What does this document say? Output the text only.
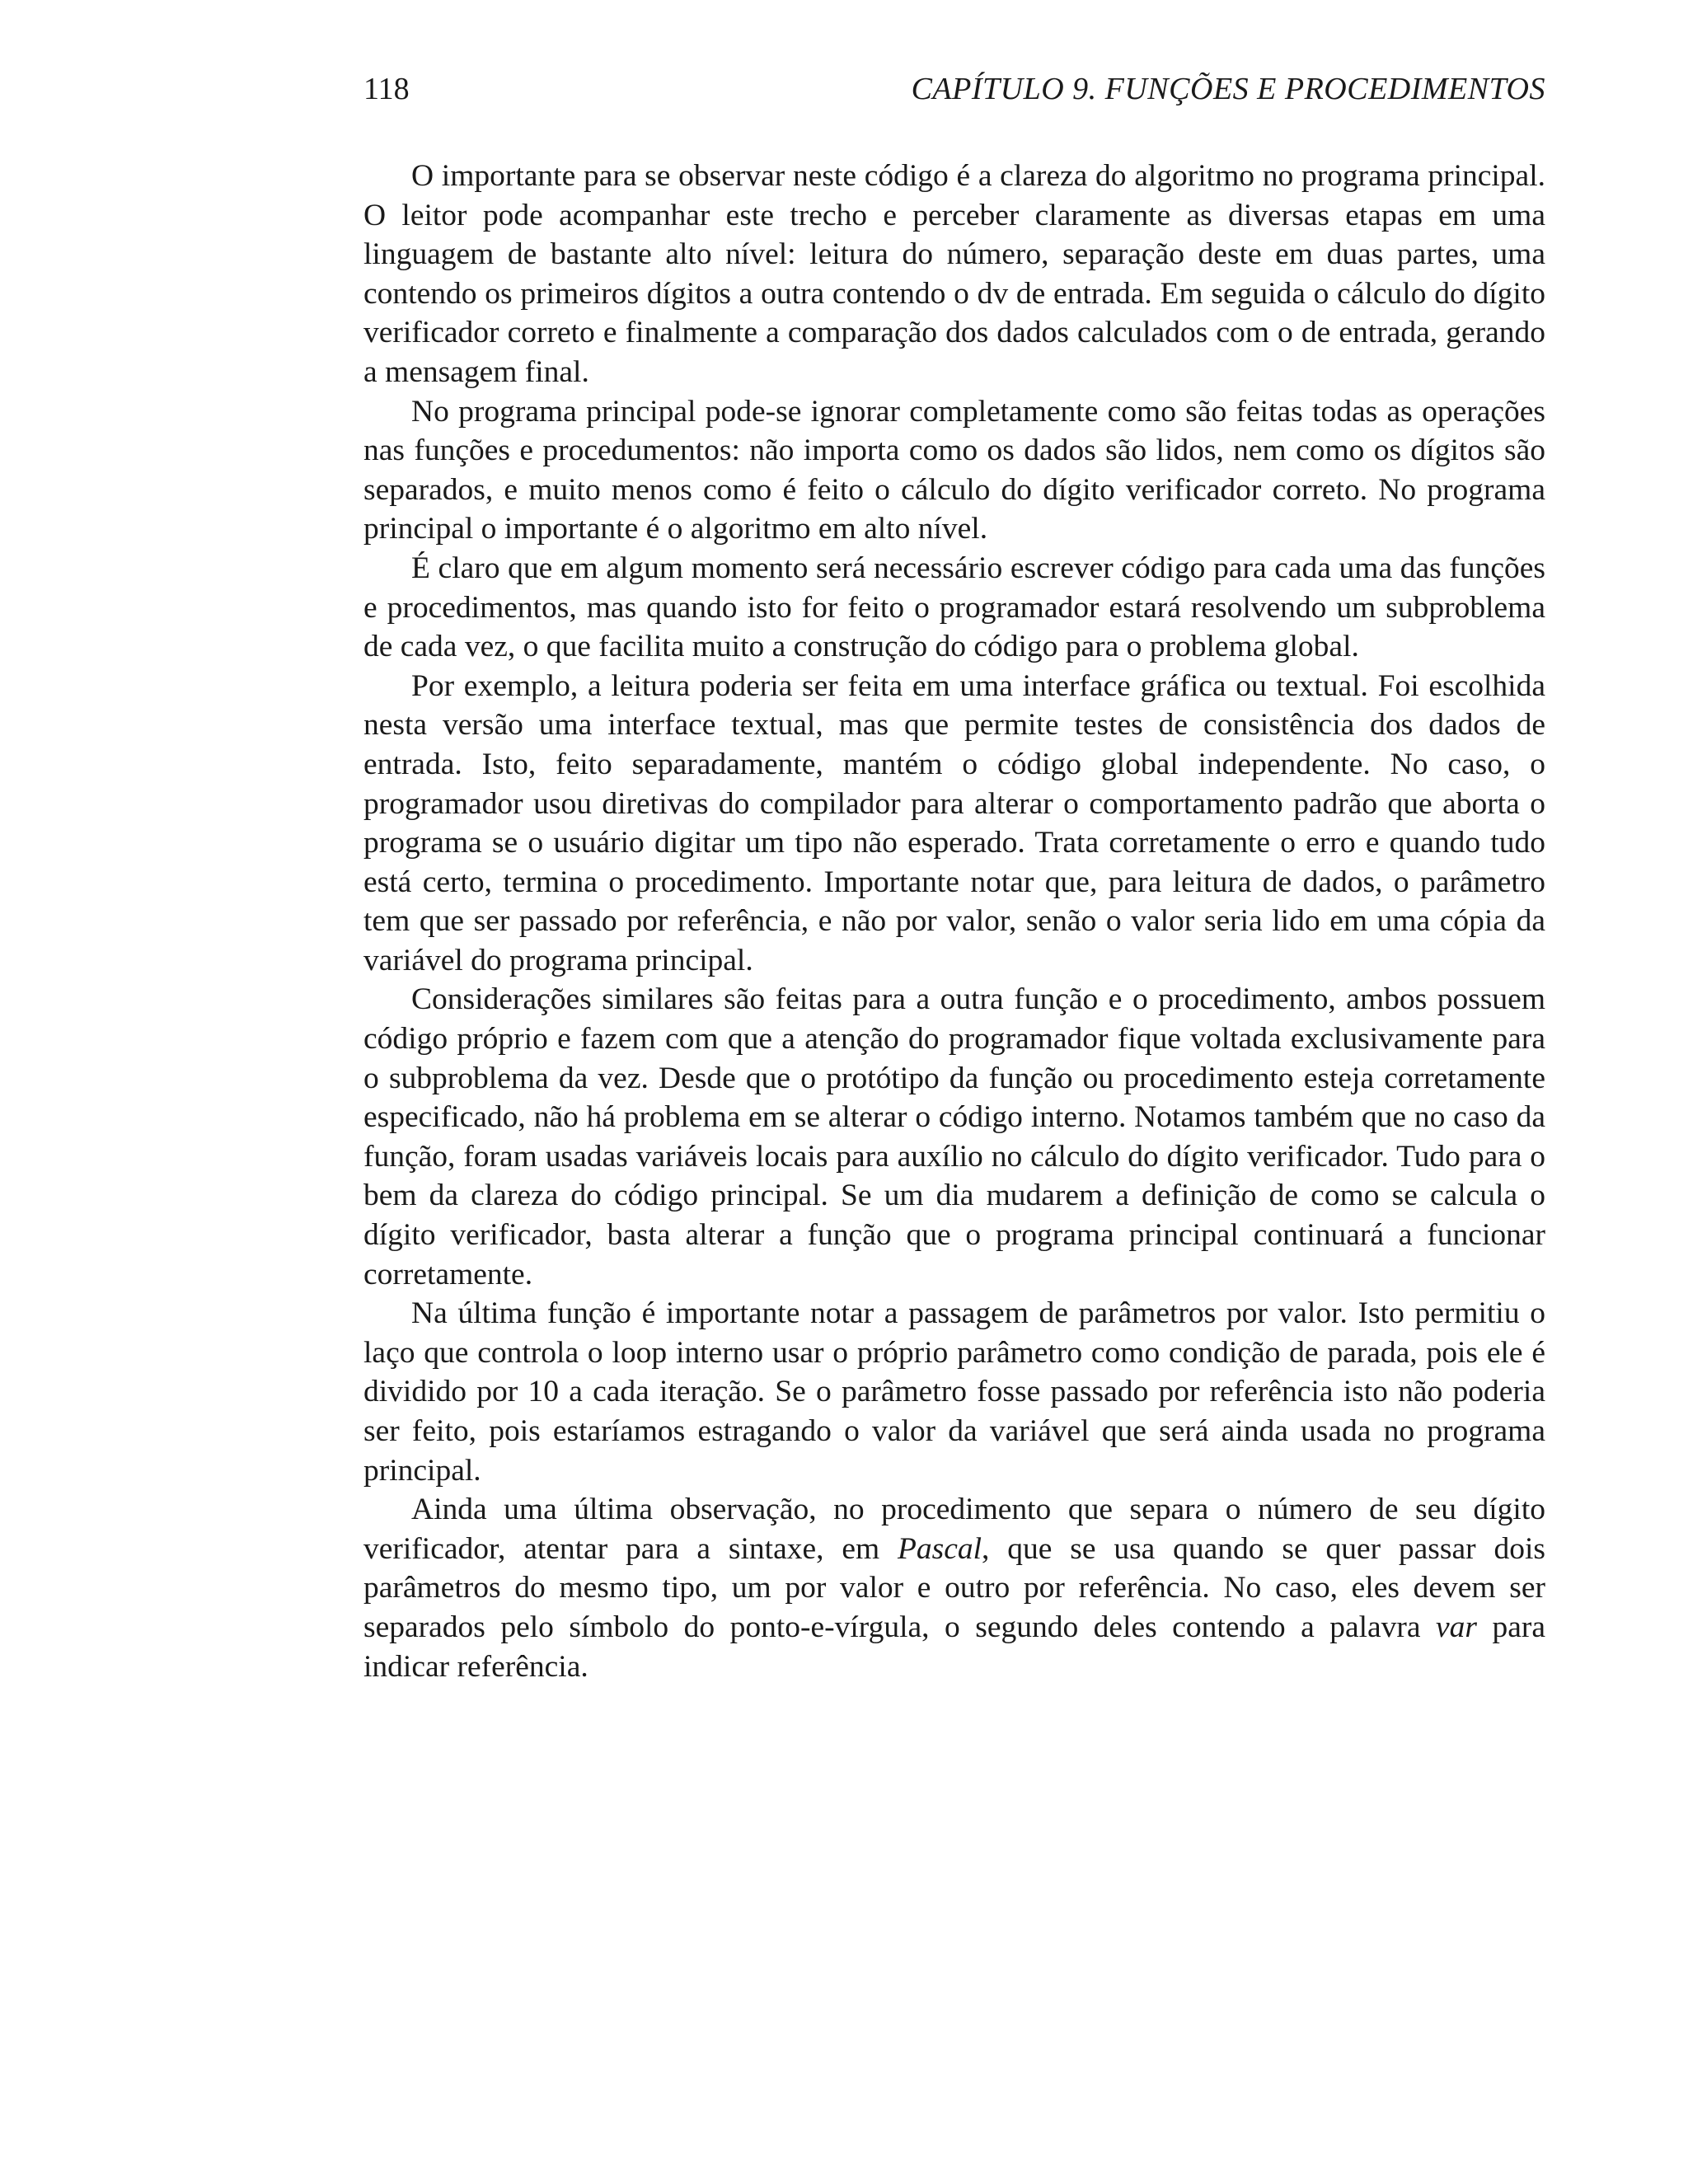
118	CAPÍTULO 9. FUNÇÕES E PROCEDIMENTOS

O importante para se observar neste código é a clareza do algoritmo no programa principal. O leitor pode acompanhar este trecho e perceber claramente as diversas etapas em uma linguagem de bastante alto nível: leitura do número, separação deste em duas partes, uma contendo os primeiros dígitos a outra contendo o dv de entrada. Em seguida o cálculo do dígito verificador correto e finalmente a comparação dos dados calculados com o de entrada, gerando a mensagem final.

No programa principal pode-se ignorar completamente como são feitas todas as operações nas funções e procedumentos: não importa como os dados são lidos, nem como os dígitos são separados, e muito menos como é feito o cálculo do dígito verificador correto. No programa principal o importante é o algoritmo em alto nível.

É claro que em algum momento será necessário escrever código para cada uma das funções e procedimentos, mas quando isto for feito o programador estará resolvendo um subproblema de cada vez, o que facilita muito a construção do código para o problema global.

Por exemplo, a leitura poderia ser feita em uma interface gráfica ou textual. Foi escolhida nesta versão uma interface textual, mas que permite testes de consistência dos dados de entrada. Isto, feito separadamente, mantém o código global independente. No caso, o programador usou diretivas do compilador para alterar o comportamento padrão que aborta o programa se o usuário digitar um tipo não esperado. Trata corretamente o erro e quando tudo está certo, termina o procedimento. Importante notar que, para leitura de dados, o parâmetro tem que ser passado por referência, e não por valor, senão o valor seria lido em uma cópia da variável do programa principal.

Considerações similares são feitas para a outra função e o procedimento, ambos possuem código próprio e fazem com que a atenção do programador fique voltada exclusivamente para o subproblema da vez. Desde que o protótipo da função ou procedimento esteja corretamente especificado, não há problema em se alterar o código interno. Notamos também que no caso da função, foram usadas variáveis locais para auxílio no cálculo do dígito verificador. Tudo para o bem da clareza do código principal. Se um dia mudarem a definição de como se calcula o dígito verificador, basta alterar a função que o programa principal continuará a funcionar corretamente.

Na última função é importante notar a passagem de parâmetros por valor. Isto permitiu o laço que controla o loop interno usar o próprio parâmetro como condição de parada, pois ele é dividido por 10 a cada iteração. Se o parâmetro fosse passado por referência isto não poderia ser feito, pois estaríamos estragando o valor da variável que será ainda usada no programa principal.

Ainda uma última observação, no procedimento que separa o número de seu dígito verificador, atentar para a sintaxe, em Pascal, que se usa quando se quer passar dois parâmetros do mesmo tipo, um por valor e outro por referência. No caso, eles devem ser separados pelo símbolo do ponto-e-vírgula, o segundo deles contendo a palavra var para indicar referência.
